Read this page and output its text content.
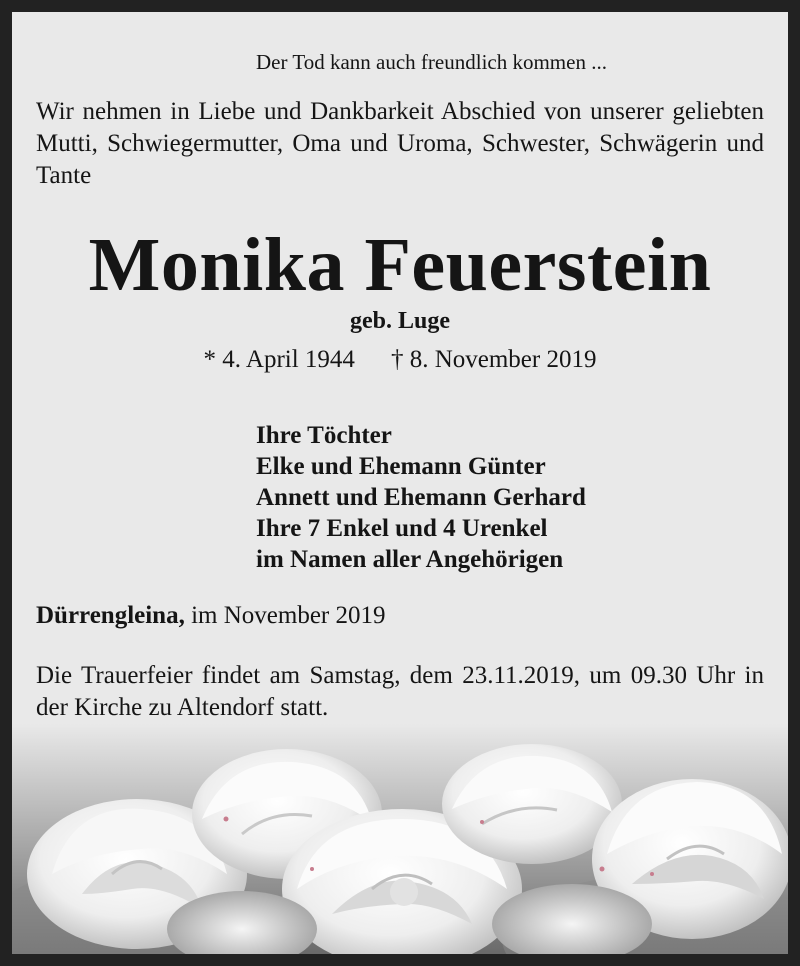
Der Tod kann auch freundlich kommen ...
Wir nehmen in Liebe und Dankbarkeit Abschied von unserer geliebten Mutti, Schwiegermutter, Oma und Uroma, Schwester, Schwägerin und Tante
Monika Feuerstein
geb. Luge
* 4. April 1944 † 8. November 2019
Ihre Töchter
Elke und Ehemann Günter
Annett und Ehemann Gerhard
Ihre 7 Enkel und 4 Urenkel
im Namen aller Angehörigen
Dürrengleina, im November 2019
Die Trauerfeier findet am Samstag, dem 23.11.2019, um 09.30 Uhr in der Kirche zu Altendorf statt.
